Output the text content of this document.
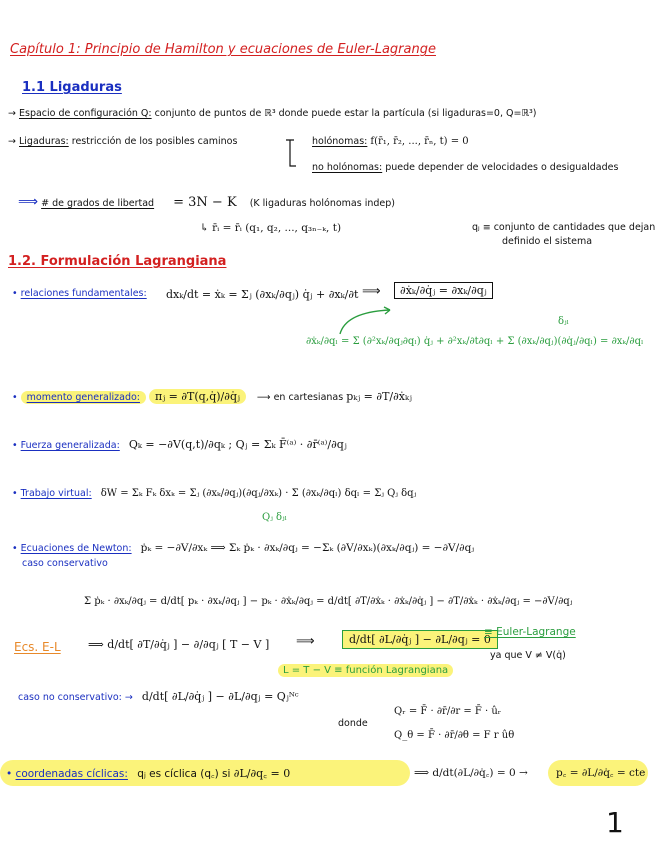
Capítulo 1: Principio de Hamilton y ecuaciones de Euler-Lagrange
1.1 Ligaduras
→ Espacio de configuración Q: conjunto de puntos de ℝ³ donde puede estar la partícula (si ligaduras=0, Q=ℝ³)
→ Ligaduras: restricción de los posibles caminos	holónomas: f(r̄₁, r̄₂, ..., r̄ₙ, t) = 0
no holónomas: puede depender de velocidades o desigualdades
⟹ # de grados de libertad = 3N − K (K ligaduras holónomas indep)
↳ r̄ᵢ = r̄ᵢ (q₁, q₂, ..., q₃ₙ₋ₖ, t)	qⱼ ≡ conjunto de cantidades que dejan
definido el sistema
1.2. Formulación Lagrangiana
• relaciones fundamentales: dxₖ/dt = ẋₖ = Σⱼ (∂xₖ/∂qⱼ) q̇ⱼ + ∂xₖ/∂t ⟹	∂ẋₖ/∂q̇ⱼ = ∂xₖ/∂qⱼ
δⱼₗ
∂ẋₖ/∂qₗ = Σ (∂²xₖ/∂qⱼ∂qₗ) q̇ⱼ + ∂²xₖ/∂t∂qₗ + Σ (∂xₖ/∂qⱼ)(∂q̇ⱼ/∂qₗ) = ∂xₖ/∂qₗ
• momento generalizado: πⱼ = ∂T(q,q̇)/∂q̇ⱼ ⟶ en cartesianas pₖⱼ = ∂T/∂ẋₖⱼ
• Fuerza generalizada: Qₖ = −∂V(q,t)/∂qₖ ; Qⱼ = Σₖ F̄⁽ᵃ⁾ · ∂r̄⁽ᵃ⁾/∂qⱼ
• Trabajo virtual: δW = Σₖ Fₖ δxₖ = Σⱼ (∂xₖ/∂qⱼ)(∂qⱼ/∂xₖ) · Σ (∂xₖ/∂qₗ) δqₗ = Σⱼ Qⱼ δqⱼ
Qⱼ δⱼₗ
• Ecuaciones de Newton: ṗₖ = −∂V/∂xₖ ⟹ Σₖ ṗₖ · ∂xₖ/∂qⱼ = −Σₖ (∂V/∂xₖ)(∂xₖ/∂qⱼ) = −∂V/∂qⱼ
caso conservativo
Σ ṗₖ · ∂xₖ/∂qⱼ = d/dt[ pₖ · ∂xₖ/∂qⱼ ] − pₖ · ∂ẋₖ/∂qⱼ = d/dt[ ∂T/∂ẋₖ · ∂ẋₖ/∂q̇ⱼ ] − ∂T/∂ẋₖ · ∂ẋₖ/∂qⱼ = −∂V/∂qⱼ
Ecs. E-L ⟹ d/dt[ ∂T/∂q̇ⱼ ] − ∂/∂qⱼ [ T − V ] ⟹	d/dt[ ∂L/∂q̇ⱼ ] − ∂L/∂qⱼ = 0
≡ Euler-Lagrange
ya que V ≠ V(q̇)
L = T − V ≡ función Lagrangiana
caso no conservativo: → d/dt[ ∂L/∂q̇ⱼ ] − ∂L/∂qⱼ = Qⱼᴺᶜ
donde
Qᵣ = F̄ · ∂r̄/∂r = F̄ · ûᵣ
Q_θ = F̄ · ∂r̄/∂θ = F r ûθ
• coordenadas cíclicas: qⱼ es cíclica (q꜀) si ∂L/∂q꜀ = 0	⟹ d/dt(∂L/∂q̇꜀) = 0 →	p꜀ = ∂L/∂q̇꜀ = cte
1
